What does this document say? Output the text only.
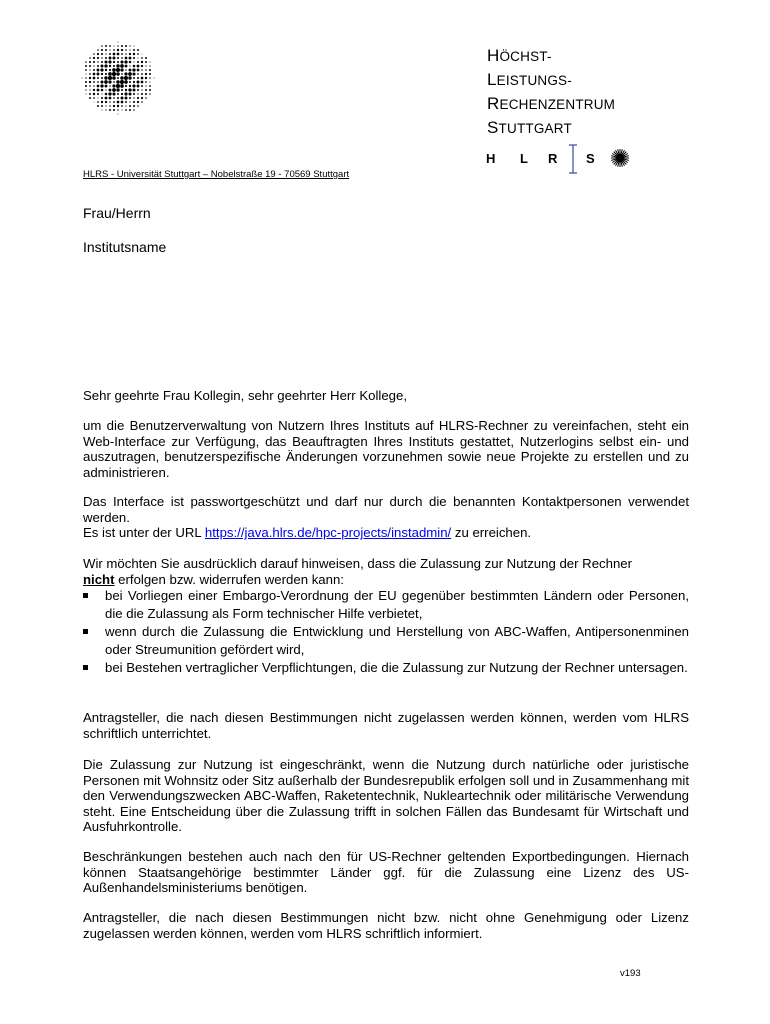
HÖCHST-
LEISTUNGS-
RECHENZENTRUM
STUTTGART
H L R S
HLRS - Universität Stuttgart – Nobelstraße 19 - 70569 Stuttgart
Frau/Herrn
Institutsname

Sehr geehrte Frau Kollegin, sehr geehrter Herr Kollege,

um die Benutzerverwaltung von Nutzern Ihres Instituts auf HLRS-Rechner zu vereinfachen, steht ein Web-Interface zur Verfügung, das Beauftragten Ihres Instituts gestattet, Nutzerlogins selbst ein- und auszutragen, benutzerspezifische Änderungen vorzunehmen sowie neue Projekte zu erstellen und zu administrieren.

Das Interface ist passwortgeschützt und darf nur durch die benannten Kontaktpersonen verwendet werden.

Es ist unter der URL https://java.hlrs.de/hpc-projects/instadmin/ zu erreichen.

Wir möchten Sie ausdrücklich darauf hinweisen, dass die Zulassung zur Nutzung der Rechner

nicht erfolgen bzw. widerrufen werden kann:

bei Vorliegen einer Embargo-Verordnung der EU gegenüber bestimmten Ländern oder Personen, die die Zulassung als Form technischer Hilfe verbietet,
wenn durch die Zulassung die Entwicklung und Herstellung von ABC-Waffen, Antipersonenminen oder Streumunition gefördert wird,
bei Bestehen vertraglicher Verpflichtungen, die die Zulassung zur Nutzung der Rechner untersagen.

Antragsteller, die nach diesen Bestimmungen nicht zugelassen werden können, werden vom HLRS schriftlich unterrichtet.

Die Zulassung zur Nutzung ist eingeschränkt, wenn die Nutzung durch natürliche oder juristische Personen mit Wohnsitz oder Sitz außerhalb der Bundesrepublik erfolgen soll und in Zusammenhang mit den Verwendungszwecken ABC-Waffen, Raketentechnik, Nukleartechnik oder militärische Verwendung steht. Eine Entscheidung über die Zulassung trifft in solchen Fällen das Bundesamt für Wirtschaft und Ausfuhrkontrolle.

Beschränkungen bestehen auch nach den für US-Rechner geltenden Exportbedingungen. Hiernach können Staatsangehörige bestimmter Länder ggf. für die Zulassung eine Lizenz des US-Außenhandelsministeriums benötigen.

Antragsteller, die nach diesen Bestimmungen nicht bzw. nicht ohne Genehmigung oder Lizenz zugelassen werden können, werden vom HLRS schriftlich informiert.

v193
